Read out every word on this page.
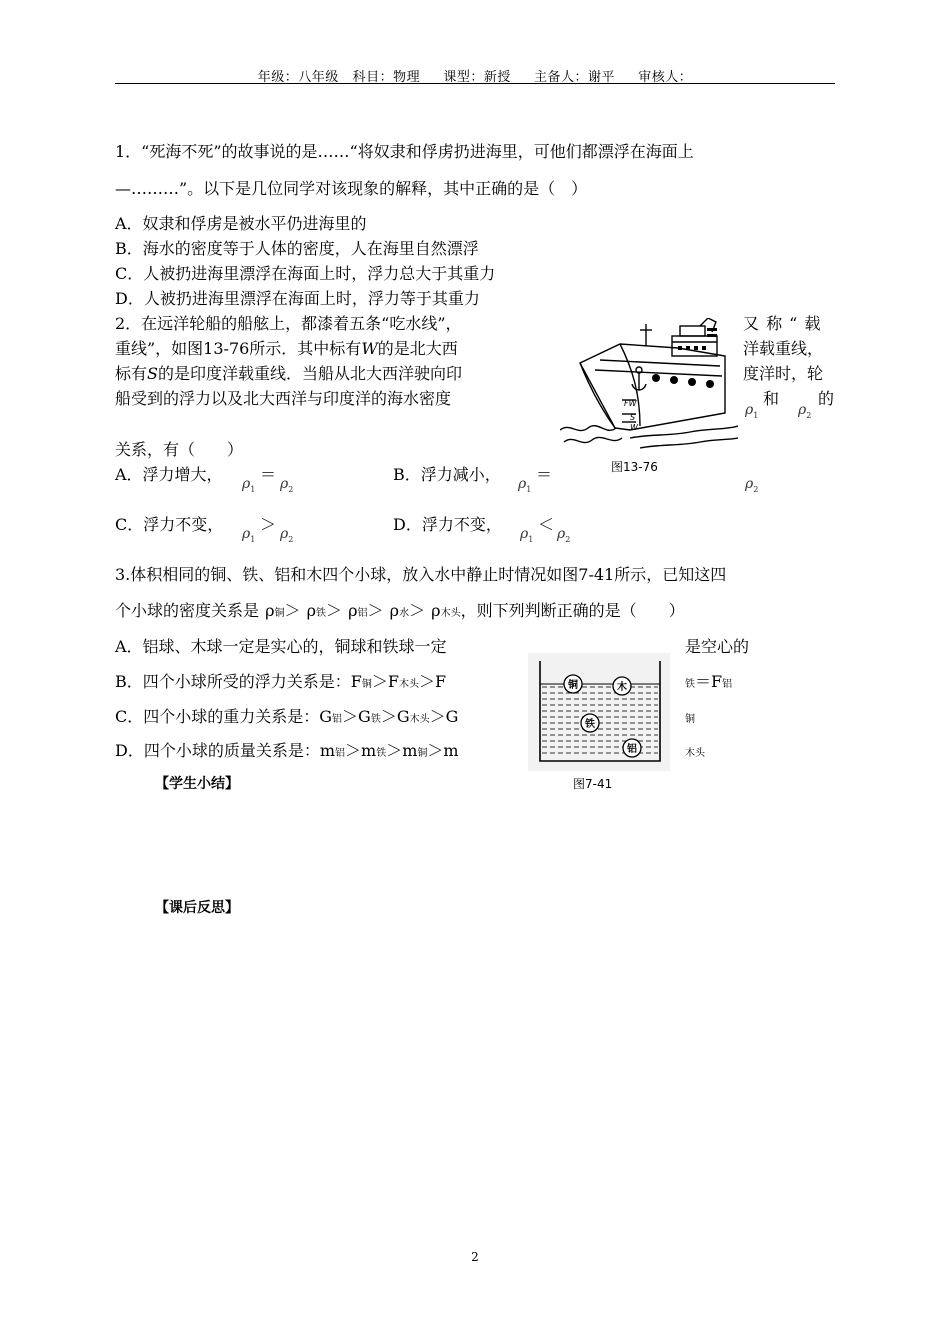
年级：八年级 科目：物理 课型：新授 主备人：谢平 审核人：
1．“死海不死”的故事说的是……“将奴隶和俘虏扔进海里，可他们都漂浮在海面上
—………”。以下是几位同学对该现象的解释，其中正确的是（　）
A．奴隶和俘虏是被水平仍进海里的
B．海水的密度等于人体的密度，人在海里自然漂浮
C．人被扔进海里漂浮在海面上时，浮力总大于其重力
D．人被扔进海里漂浮在海面上时，浮力等于其重力
2．在远洋轮船的船舷上，都漆着五条“吃水线”，	又 称 “ 载
重线”，如图13-76所示．其中标有W的是北大西	洋载重线，
标有S的是印度洋载重线．当船从北大西洋驶向印	度洋时，轮
船受到的浮力以及北大西洋与印度洋的海水密度	和 的
$\rho_1$	$\rho_2$
关系，有（　　）
A．浮力增大， ＝
$\rho_1$ $\rho_2$
B．浮力减小， ＝
$\rho_1$	$\rho_2$
C．浮力不变， ＞
$\rho_1$ $\rho_2$
D．浮力不变， ＜
$\rho_1$ $\rho_2$
FW
S
W
图13-76
3.体积相同的铜、铁、铝和木四个小球，放入水中静止时情况如图7-41所示，已知这四
个小球的密度关系是 ρ铜＞ ρ铁＞ ρ铝＞ ρ水＞ ρ木头，则下列判断正确的是（　　）
A．铝球、木球一定是实心的，铜球和铁球一定	是空心的
B．四个小球所受的浮力关系是：F铜＞F木头＞F	铁＝F铝
C．四个小球的重力关系是：G铝＞G铁＞G木头＞G	铜
D．四个小球的质量关系是：m铝＞m铁＞m铜＞m	木头
铜	木
铁
铝
图7-41
【学生小结】
【课后反思】
2
